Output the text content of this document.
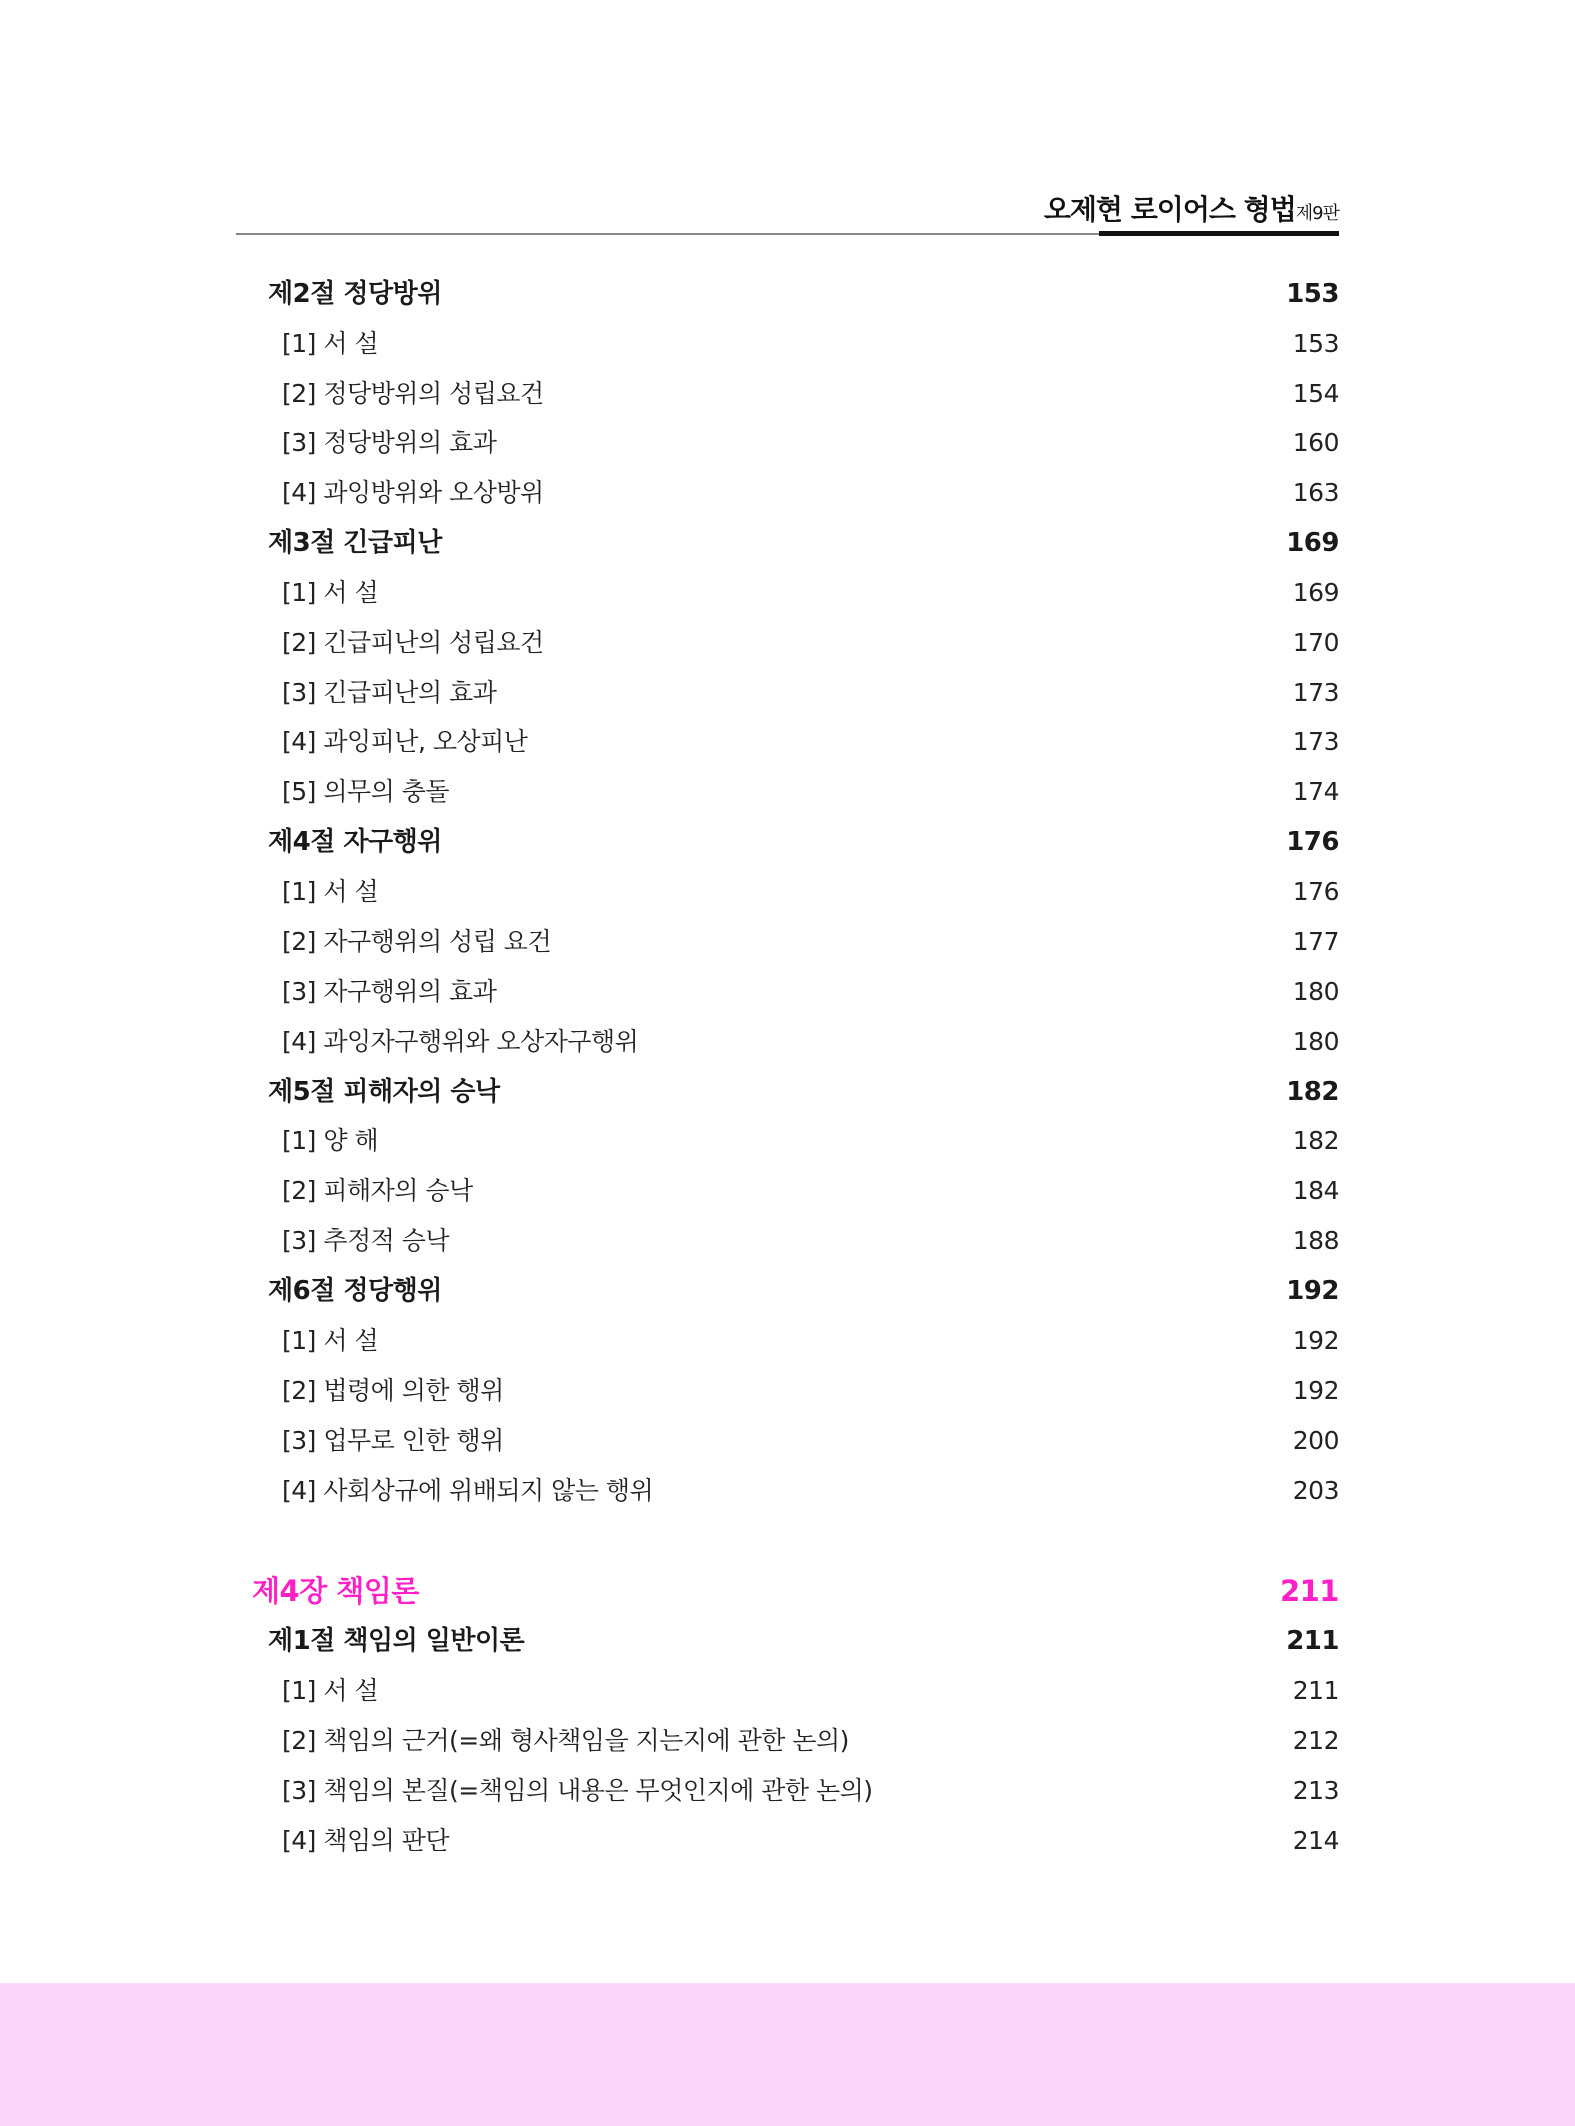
오제현 로이어스 형법제9판
제2절 정당방위	153
[1] 서 설	153
[2] 정당방위의 성립요건	154
[3] 정당방위의 효과	160
[4] 과잉방위와 오상방위	163
제3절 긴급피난	169
[1] 서 설	169
[2] 긴급피난의 성립요건	170
[3] 긴급피난의 효과	173
[4] 과잉피난, 오상피난	173
[5] 의무의 충돌	174
제4절 자구행위	176
[1] 서 설	176
[2] 자구행위의 성립 요건	177
[3] 자구행위의 효과	180
[4] 과잉자구행위와 오상자구행위	180
제5절 피해자의 승낙	182
[1] 양 해	182
[2] 피해자의 승낙	184
[3] 추정적 승낙	188
제6절 정당행위	192
[1] 서 설	192
[2] 법령에 의한 행위	192
[3] 업무로 인한 행위	200
[4] 사회상규에 위배되지 않는 행위	203
제4장 책임론	211
제1절 책임의 일반이론	211
[1] 서 설	211
[2] 책임의 근거(=왜 형사책임을 지는지에 관한 논의)	212
[3] 책임의 본질(=책임의 내용은 무엇인지에 관한 논의)	213
[4] 책임의 판단	214
